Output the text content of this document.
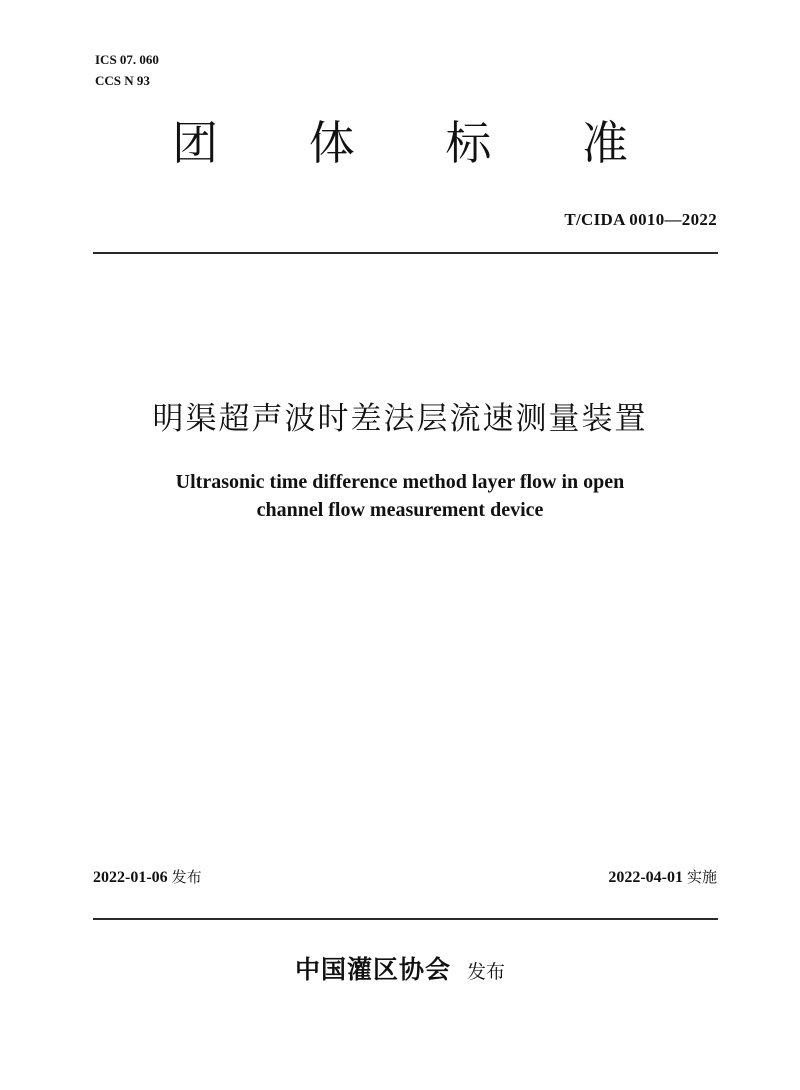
ICS 07. 060
CCS N 93
团 体 标 准
T/CIDA 0010—2022
明渠超声波时差法层流速测量装置
Ultrasonic time difference method layer flow in open
channel flow measurement device
2022-01-06 发布	2022-04-01 实施
中国灌区协会 发布
